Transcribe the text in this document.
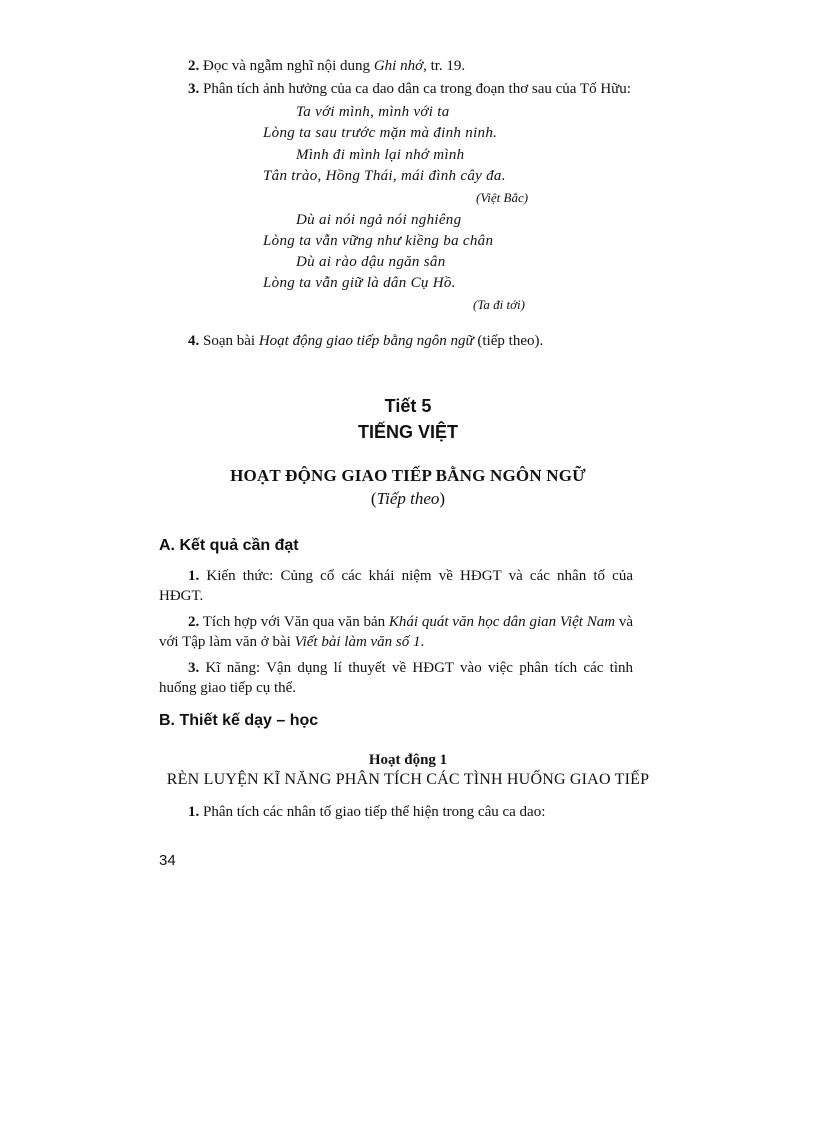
2. Đọc và ngẫm nghĩ nội dung Ghi nhớ, tr. 19.
3. Phân tích ảnh hưởng của ca dao dân ca trong đoạn thơ sau của Tố Hữu:
Ta với mình, mình với ta
Lòng ta sau trước mặn mà đinh ninh.
Mình đi mình lại nhớ mình
Tân trào, Hồng Thái, mái đình cây đa.
(Việt Bắc)
Dù ai nói ngả nói nghiêng
Lòng ta vẫn vững như kiềng ba chân
Dù ai rào dậu ngăn sân
Lòng ta vẫn giữ là dân Cụ Hồ.
(Ta đi tới)
4. Soạn bài Hoạt động giao tiếp bằng ngôn ngữ (tiếp theo).
Tiết 5
TIẾNG VIỆT
HOẠT ĐỘNG GIAO TIẾP BẰNG NGÔN NGỮ
(Tiếp theo)
A. Kết quả cần đạt
1. Kiến thức: Củng cố các khái niệm về HĐGT và các nhân tố của HĐGT.
2. Tích hợp với Văn qua văn bản Khái quát văn học dân gian Việt Nam và với Tập làm văn ở bài Viết bài làm văn số 1.
3. Kĩ năng: Vận dụng lí thuyết về HĐGT vào việc phân tích các tình huống giao tiếp cụ thể.
B. Thiết kế dạy – học
Hoạt động 1
RÈN LUYỆN KĨ NĂNG PHÂN TÍCH CÁC TÌNH HUỐNG GIAO TIẾP
1. Phân tích các nhân tố giao tiếp thể hiện trong câu ca dao:
34
